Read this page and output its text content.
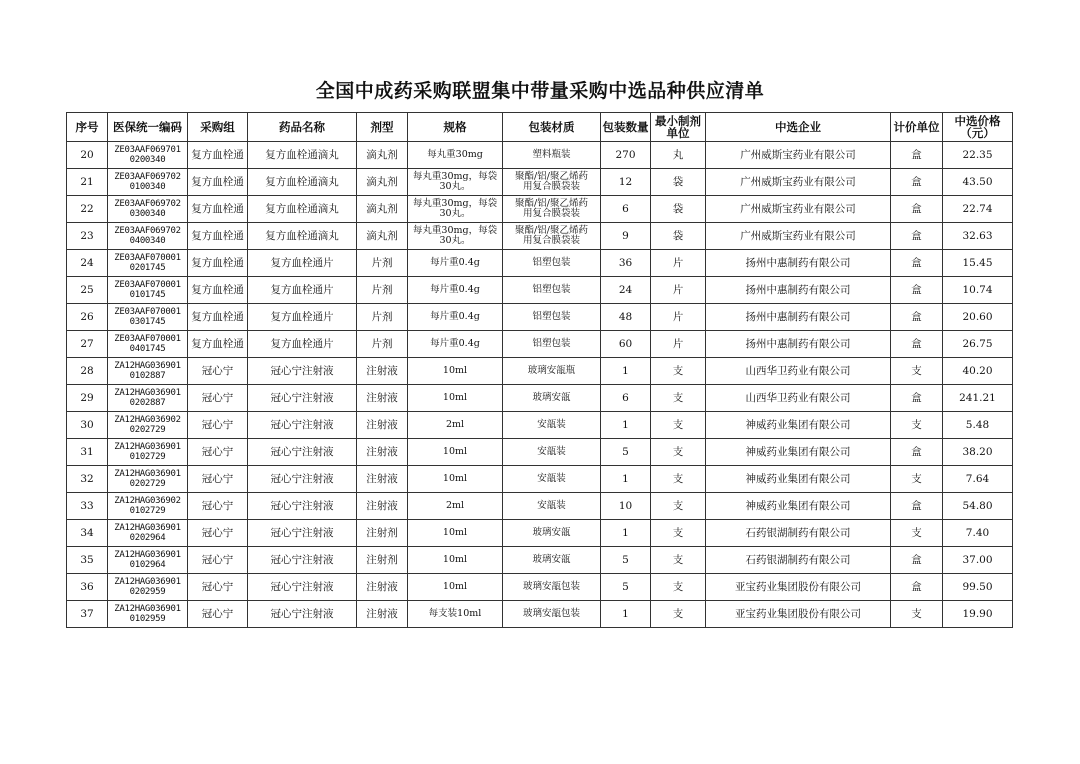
全国中成药采购联盟集中带量采购中选品种供应清单
序号	医保统一编码	采购组	药品名称	剂型	规格	包装材质	包装数量	最小制剂
单位	中选企业	计价单位	中选价格
（元）
20	ZE03AAF069701
0200340	复方血栓通	复方血栓通滴丸	滴丸剂	每丸重30mg	塑料瓶装	270	丸	广州威斯宝药业有限公司	盒	22.35
21	ZE03AAF069702
0100340	复方血栓通	复方血栓通滴丸	滴丸剂	每丸重30mg，每袋
30丸。	聚酯/铝/聚乙烯药
用复合膜袋装	12	袋	广州威斯宝药业有限公司	盒	43.50
22	ZE03AAF069702
0300340	复方血栓通	复方血栓通滴丸	滴丸剂	每丸重30mg，每袋
30丸。	聚酯/铝/聚乙烯药
用复合膜袋装	6	袋	广州威斯宝药业有限公司	盒	22.74
23	ZE03AAF069702
0400340	复方血栓通	复方血栓通滴丸	滴丸剂	每丸重30mg，每袋
30丸。	聚酯/铝/聚乙烯药
用复合膜袋装	9	袋	广州威斯宝药业有限公司	盒	32.63
24	ZE03AAF070001
0201745	复方血栓通	复方血栓通片	片剂	每片重0.4g	铝塑包装	36	片	扬州中惠制药有限公司	盒	15.45
25	ZE03AAF070001
0101745	复方血栓通	复方血栓通片	片剂	每片重0.4g	铝塑包装	24	片	扬州中惠制药有限公司	盒	10.74
26	ZE03AAF070001
0301745	复方血栓通	复方血栓通片	片剂	每片重0.4g	铝塑包装	48	片	扬州中惠制药有限公司	盒	20.60
27	ZE03AAF070001
0401745	复方血栓通	复方血栓通片	片剂	每片重0.4g	铝塑包装	60	片	扬州中惠制药有限公司	盒	26.75
28	ZA12HAG036901
0102887	冠心宁	冠心宁注射液	注射液	10ml	玻璃安瓿瓶	1	支	山西华卫药业有限公司	支	40.20
29	ZA12HAG036901
0202887	冠心宁	冠心宁注射液	注射液	10ml	玻璃安瓿	6	支	山西华卫药业有限公司	盒	241.21
30	ZA12HAG036902
0202729	冠心宁	冠心宁注射液	注射液	2ml	安瓿装	1	支	神威药业集团有限公司	支	5.48
31	ZA12HAG036901
0102729	冠心宁	冠心宁注射液	注射液	10ml	安瓿装	5	支	神威药业集团有限公司	盒	38.20
32	ZA12HAG036901
0202729	冠心宁	冠心宁注射液	注射液	10ml	安瓿装	1	支	神威药业集团有限公司	支	7.64
33	ZA12HAG036902
0102729	冠心宁	冠心宁注射液	注射液	2ml	安瓿装	10	支	神威药业集团有限公司	盒	54.80
34	ZA12HAG036901
0202964	冠心宁	冠心宁注射液	注射剂	10ml	玻璃安瓿	1	支	石药银湖制药有限公司	支	7.40
35	ZA12HAG036901
0102964	冠心宁	冠心宁注射液	注射剂	10ml	玻璃安瓿	5	支	石药银湖制药有限公司	盒	37.00
36	ZA12HAG036901
0202959	冠心宁	冠心宁注射液	注射液	10ml	玻璃安瓿包装	5	支	亚宝药业集团股份有限公司	盒	99.50
37	ZA12HAG036901
0102959	冠心宁	冠心宁注射液	注射液	每支装10ml	玻璃安瓿包装	1	支	亚宝药业集团股份有限公司	支	19.90
